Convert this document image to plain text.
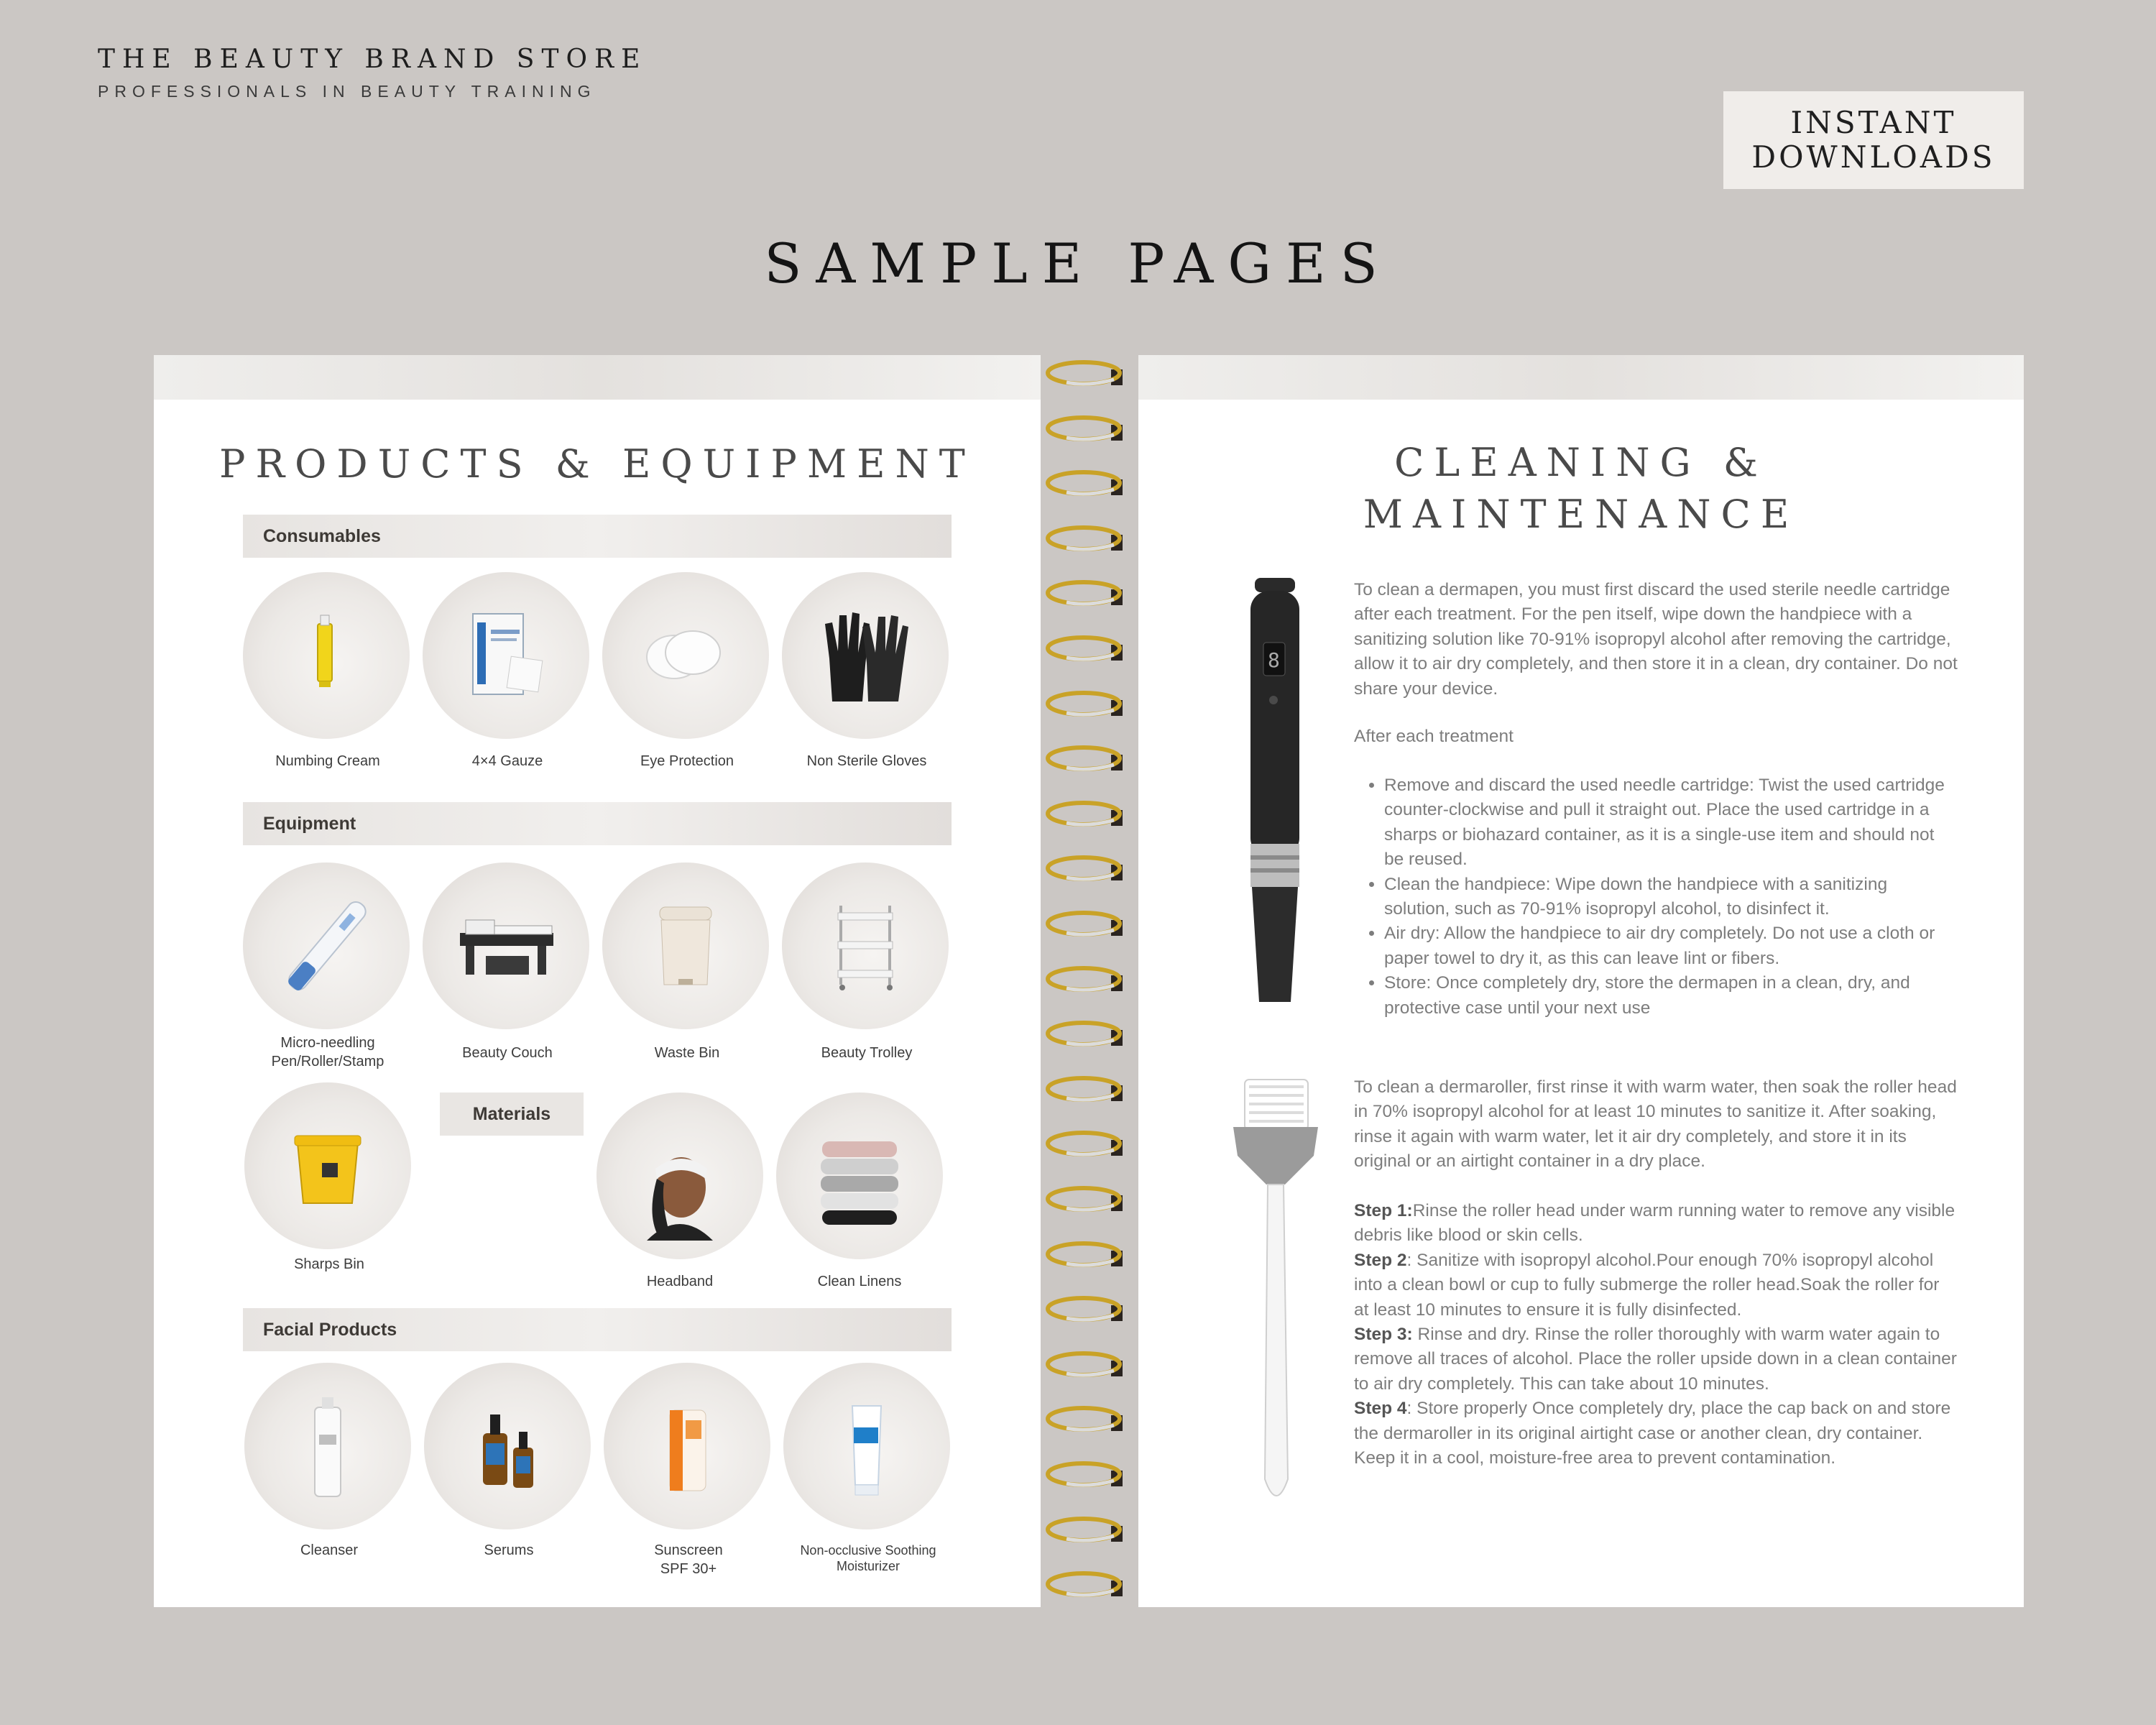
THE BEAUTY BRAND STORE
PROFESSIONALS IN BEAUTY TRAINING
INSTANT
DOWNLOADS
SAMPLE PAGES
PRODUCTS & EQUIPMENT
Consumables
Numbing Cream	4×4 Gauze	Eye Protection	Non Sterile Gloves
Equipment
Micro-needling
Pen/Roller/Stamp
Beauty Couch	Waste Bin	Beauty Trolley
Sharps Bin
Materials
Headband	Clean Linens
Facial Products
Cleanser	Serums	Sunscreen
SPF 30+
Non-occlusive Soothing
Moisturizer
CLEANING &
MAINTENANCE
8
To clean a dermapen, you must first discard the used sterile needle cartridge after each treatment. For the pen itself, wipe down the handpiece with a sanitizing solution like 70-91% isopropyl alcohol after removing the cartridge, allow it to air dry completely, and then store it in a clean, dry container. Do not share your device.
After each treatment
• Remove and discard the used needle cartridge: Twist the used cartridge counter-clockwise and pull it straight out. Place the used cartridge in a sharps or biohazard container, as it is a single-use item and should not be reused.
• Clean the handpiece: Wipe down the handpiece with a sanitizing solution, such as 70-91% isopropyl alcohol, to disinfect it.
• Air dry: Allow the handpiece to air dry completely. Do not use a cloth or paper towel to dry it, as this can leave lint or fibers.
• Store: Once completely dry, store the dermapen in a clean, dry, and protective case until your next use
To clean a dermaroller, first rinse it with warm water, then soak the roller head in 70% isopropyl alcohol for at least 10 minutes to sanitize it. After soaking, rinse it again with warm water, let it air dry completely, and store it in its original or an airtight container in a dry place.
Step 1:Rinse the roller head under warm running water to remove any visible debris like blood or skin cells.
Step 2: Sanitize with isopropyl alcohol.Pour enough 70% isopropyl alcohol into a clean bowl or cup to fully submerge the roller head.Soak the roller for at least 10 minutes to ensure it is fully disinfected.
Step 3: Rinse and dry. Rinse the roller thoroughly with warm water again to remove all traces of alcohol. Place the roller upside down in a clean container to air dry completely. This can take about 10 minutes.
Step 4: Store properly Once completely dry, place the cap back on and store the dermaroller in its original airtight case or another clean, dry container. Keep it in a cool, moisture-free area to prevent contamination.
